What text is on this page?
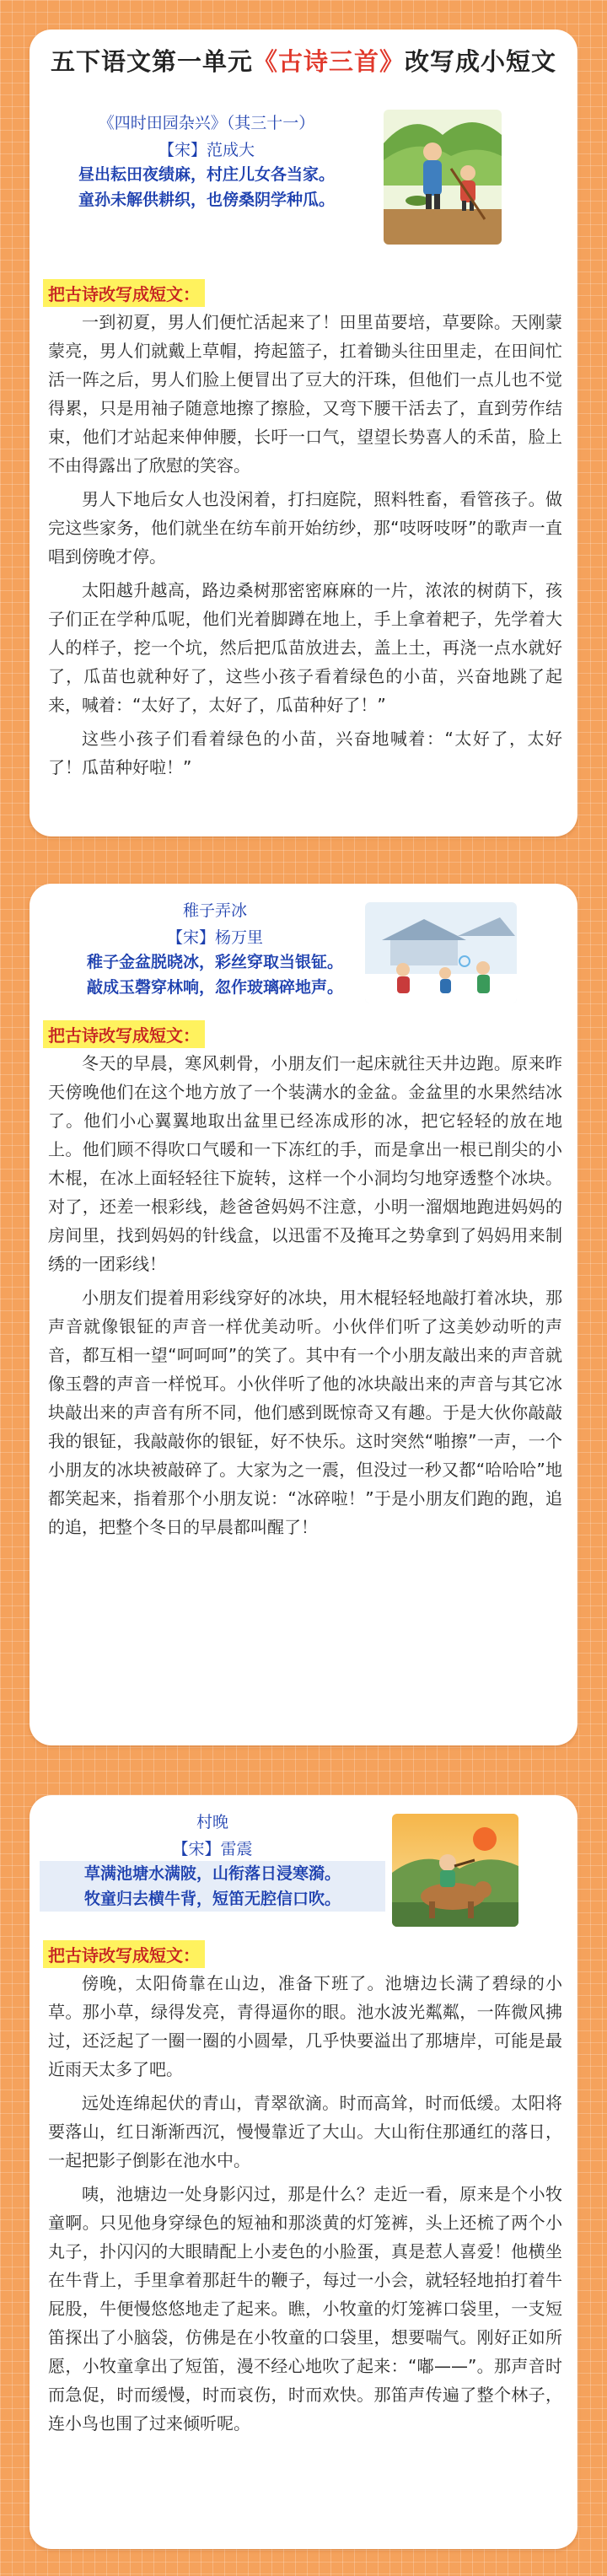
五下语文第一单元《古诗三首》改写成小短文
《四时田园杂兴》（其三十一）
【宋】范成大
昼出耘田夜绩麻，村庄儿女各当家。
童孙未解供耕织，也傍桑阴学种瓜。
把古诗改写成短文：

一到初夏，男人们便忙活起来了！田里苗要培，草要除。天刚蒙蒙亮，男人们就戴上草帽，挎起篮子，扛着锄头往田里走，在田间忙活一阵之后，男人们脸上便冒出了豆大的汗珠，但他们一点儿也不觉得累，只是用袖子随意地擦了擦脸，又弯下腰干活去了，直到劳作结束，他们才站起来伸伸腰，长吁一口气，望望长势喜人的禾苗，脸上不由得露出了欣慰的笑容。

男人下地后女人也没闲着，打扫庭院，照料牲畜，看管孩子。做完这些家务，他们就坐在纺车前开始纺纱，那“吱呀吱呀”的歌声一直唱到傍晚才停。

太阳越升越高，路边桑树那密密麻麻的一片，浓浓的树荫下，孩子们正在学种瓜呢，他们光着脚蹲在地上，手上拿着耙子，先学着大人的样子，挖一个坑，然后把瓜苗放进去，盖上土，再浇一点水就好了，瓜苗也就种好了，这些小孩子看着绿色的小苗，兴奋地跳了起来，喊着：“太好了，太好了，瓜苗种好了！”

这些小孩子们看着绿色的小苗，兴奋地喊着：“太好了，太好了！瓜苗种好啦！”

稚子弄冰
【宋】杨万里
稚子金盆脱晓冰，彩丝穿取当银钲。
敲成玉磬穿林响，忽作玻璃碎地声。
把古诗改写成短文：

冬天的早晨，寒风刺骨，小朋友们一起床就往天井边跑。原来昨天傍晚他们在这个地方放了一个装满水的金盆。金盆里的水果然结冰了。他们小心翼翼地取出盆里已经冻成形的冰，把它轻轻的放在地上。他们顾不得吹口气暖和一下冻红的手，而是拿出一根已削尖的小木棍，在冰上面轻轻往下旋转，这样一个小洞均匀地穿透整个冰块。对了，还差一根彩线，趁爸爸妈妈不注意，小明一溜烟地跑进妈妈的房间里，找到妈妈的针线盒，以迅雷不及掩耳之势拿到了妈妈用来制绣的一团彩线！

小朋友们提着用彩线穿好的冰块，用木棍轻轻地敲打着冰块，那声音就像银钲的声音一样优美动听。小伙伴们听了这美妙动听的声音，都互相一望“呵呵呵”的笑了。其中有一个小朋友敲出来的声音就像玉磬的声音一样悦耳。小伙伴听了他的冰块敲出来的声音与其它冰块敲出来的声音有所不同，他们感到既惊奇又有趣。于是大伙你敲敲我的银钲，我敲敲你的银钲，好不快乐。这时突然“啪擦”一声，一个小朋友的冰块被敲碎了。大家为之一震，但没过一秒又都“哈哈哈”地都笑起来，指着那个小朋友说：“冰碎啦！”于是小朋友们跑的跑，追的追，把整个冬日的早晨都叫醒了！

村晚
【宋】雷震
草满池塘水满陂，山衔落日浸寒漪。
牧童归去横牛背，短笛无腔信口吹。
把古诗改写成短文：

傍晚，太阳倚靠在山边，准备下班了。池塘边长满了碧绿的小草。那小草，绿得发亮，青得逼你的眼。池水波光粼粼，一阵微风拂过，还泛起了一圈一圈的小圆晕，几乎快要溢出了那塘岸，可能是最近雨天太多了吧。

远处连绵起伏的青山，青翠欲滴。时而高耸，时而低缓。太阳将要落山，红日渐渐西沉，慢慢靠近了大山。大山衔住那通红的落日，一起把影子倒影在池水中。

咦，池塘边一处身影闪过，那是什么？走近一看，原来是个小牧童啊。只见他身穿绿色的短袖和那淡黄的灯笼裤，头上还梳了两个小丸子，扑闪闪的大眼睛配上小麦色的小脸蛋，真是惹人喜爱！他横坐在牛背上，手里拿着那赶牛的鞭子，每过一小会，就轻轻地拍打着牛屁股，牛便慢悠悠地走了起来。瞧，小牧童的灯笼裤口袋里，一支短笛探出了小脑袋，仿佛是在小牧童的口袋里，想要喘气。刚好正如所愿，小牧童拿出了短笛，漫不经心地吹了起来：“嘟——”。那声音时而急促，时而缓慢，时而哀伤，时而欢快。那笛声传遍了整个林子，连小鸟也围了过来倾听呢。
